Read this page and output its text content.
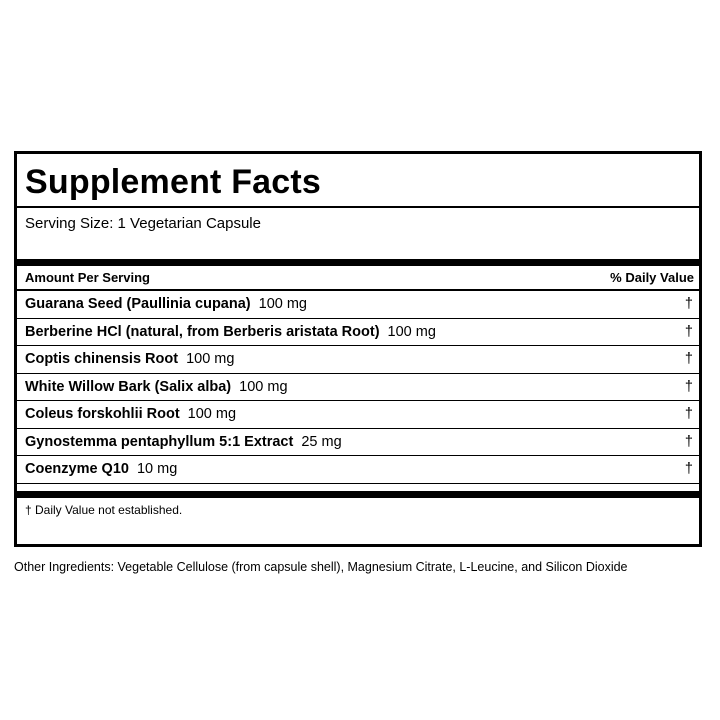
Supplement Facts
Serving Size: 1 Vegetarian Capsule
Amount Per Serving	% Daily Value
Guarana Seed (Paullinia cupana) 100 mg	†
Berberine HCl (natural, from Berberis aristata Root) 100 mg	†
Coptis chinensis Root 100 mg	†
White Willow Bark (Salix alba) 100 mg	†
Coleus forskohlii Root 100 mg	†
Gynostemma pentaphyllum 5:1 Extract 25 mg	†
Coenzyme Q10 10 mg	†
† Daily Value not established.
Other Ingredients: Vegetable Cellulose (from capsule shell), Magnesium Citrate, L-Leucine, and Silicon Dioxide
